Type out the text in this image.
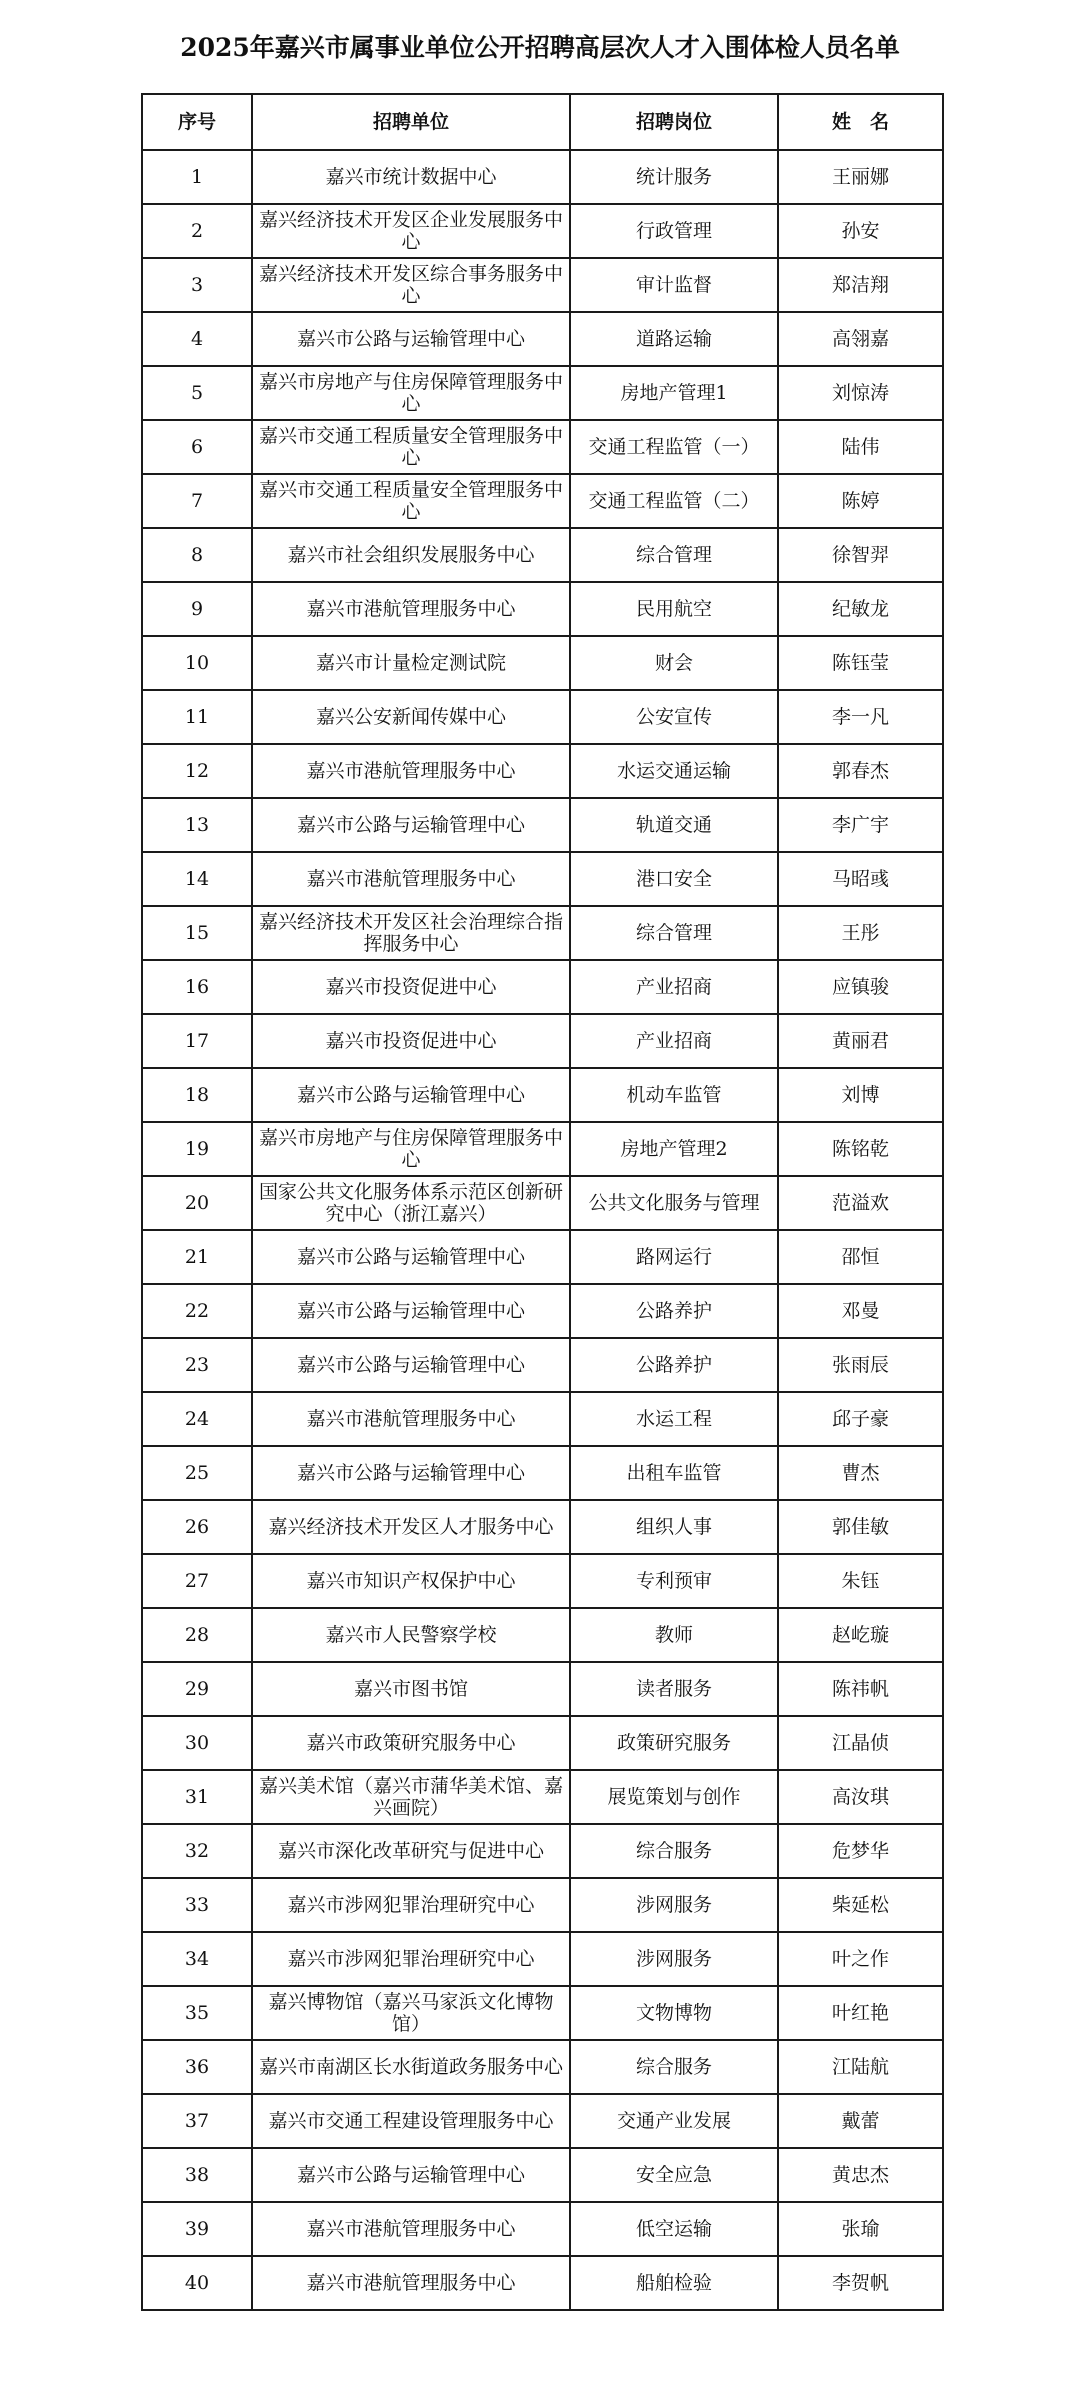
2025年嘉兴市属事业单位公开招聘高层次人才入围体检人员名单
序号	招聘单位	招聘岗位	姓　名
1	嘉兴市统计数据中心	统计服务	王丽娜
2	嘉兴经济技术开发区企业发展服务中心	行政管理	孙安
3	嘉兴经济技术开发区综合事务服务中心	审计监督	郑洁翔
4	嘉兴市公路与运输管理中心	道路运输	高翎嘉
5	嘉兴市房地产与住房保障管理服务中心	房地产管理1	刘惊涛
6	嘉兴市交通工程质量安全管理服务中心	交通工程监管（一）	陆伟
7	嘉兴市交通工程质量安全管理服务中心	交通工程监管（二）	陈婷
8	嘉兴市社会组织发展服务中心	综合管理	徐智羿
9	嘉兴市港航管理服务中心	民用航空	纪敏龙
10	嘉兴市计量检定测试院	财会	陈钰莹
11	嘉兴公安新闻传媒中心	公安宣传	李一凡
12	嘉兴市港航管理服务中心	水运交通运输	郭春杰
13	嘉兴市公路与运输管理中心	轨道交通	李广宇
14	嘉兴市港航管理服务中心	港口安全	马昭彧
15	嘉兴经济技术开发区社会治理综合指挥服务中心	综合管理	王彤
16	嘉兴市投资促进中心	产业招商	应镇骏
17	嘉兴市投资促进中心	产业招商	黄丽君
18	嘉兴市公路与运输管理中心	机动车监管	刘博
19	嘉兴市房地产与住房保障管理服务中心	房地产管理2	陈铭乾
20	国家公共文化服务体系示范区创新研究中心（浙江嘉兴）	公共文化服务与管理	范溢欢
21	嘉兴市公路与运输管理中心	路网运行	邵恒
22	嘉兴市公路与运输管理中心	公路养护	邓曼
23	嘉兴市公路与运输管理中心	公路养护	张雨辰
24	嘉兴市港航管理服务中心	水运工程	邱子豪
25	嘉兴市公路与运输管理中心	出租车监管	曹杰
26	嘉兴经济技术开发区人才服务中心	组织人事	郭佳敏
27	嘉兴市知识产权保护中心	专利预审	朱钰
28	嘉兴市人民警察学校	教师	赵屹璇
29	嘉兴市图书馆	读者服务	陈祎帆
30	嘉兴市政策研究服务中心	政策研究服务	江晶侦
31	嘉兴美术馆（嘉兴市蒲华美术馆、嘉兴画院）	展览策划与创作	高汝琪
32	嘉兴市深化改革研究与促进中心	综合服务	危梦华
33	嘉兴市涉网犯罪治理研究中心	涉网服务	柴延松
34	嘉兴市涉网犯罪治理研究中心	涉网服务	叶之作
35	嘉兴博物馆（嘉兴马家浜文化博物馆）	文物博物	叶红艳
36	嘉兴市南湖区长水街道政务服务中心	综合服务	江陆航
37	嘉兴市交通工程建设管理服务中心	交通产业发展	戴蕾
38	嘉兴市公路与运输管理中心	安全应急	黄忠杰
39	嘉兴市港航管理服务中心	低空运输	张瑜
40	嘉兴市港航管理服务中心	船舶检验	李贺帆
